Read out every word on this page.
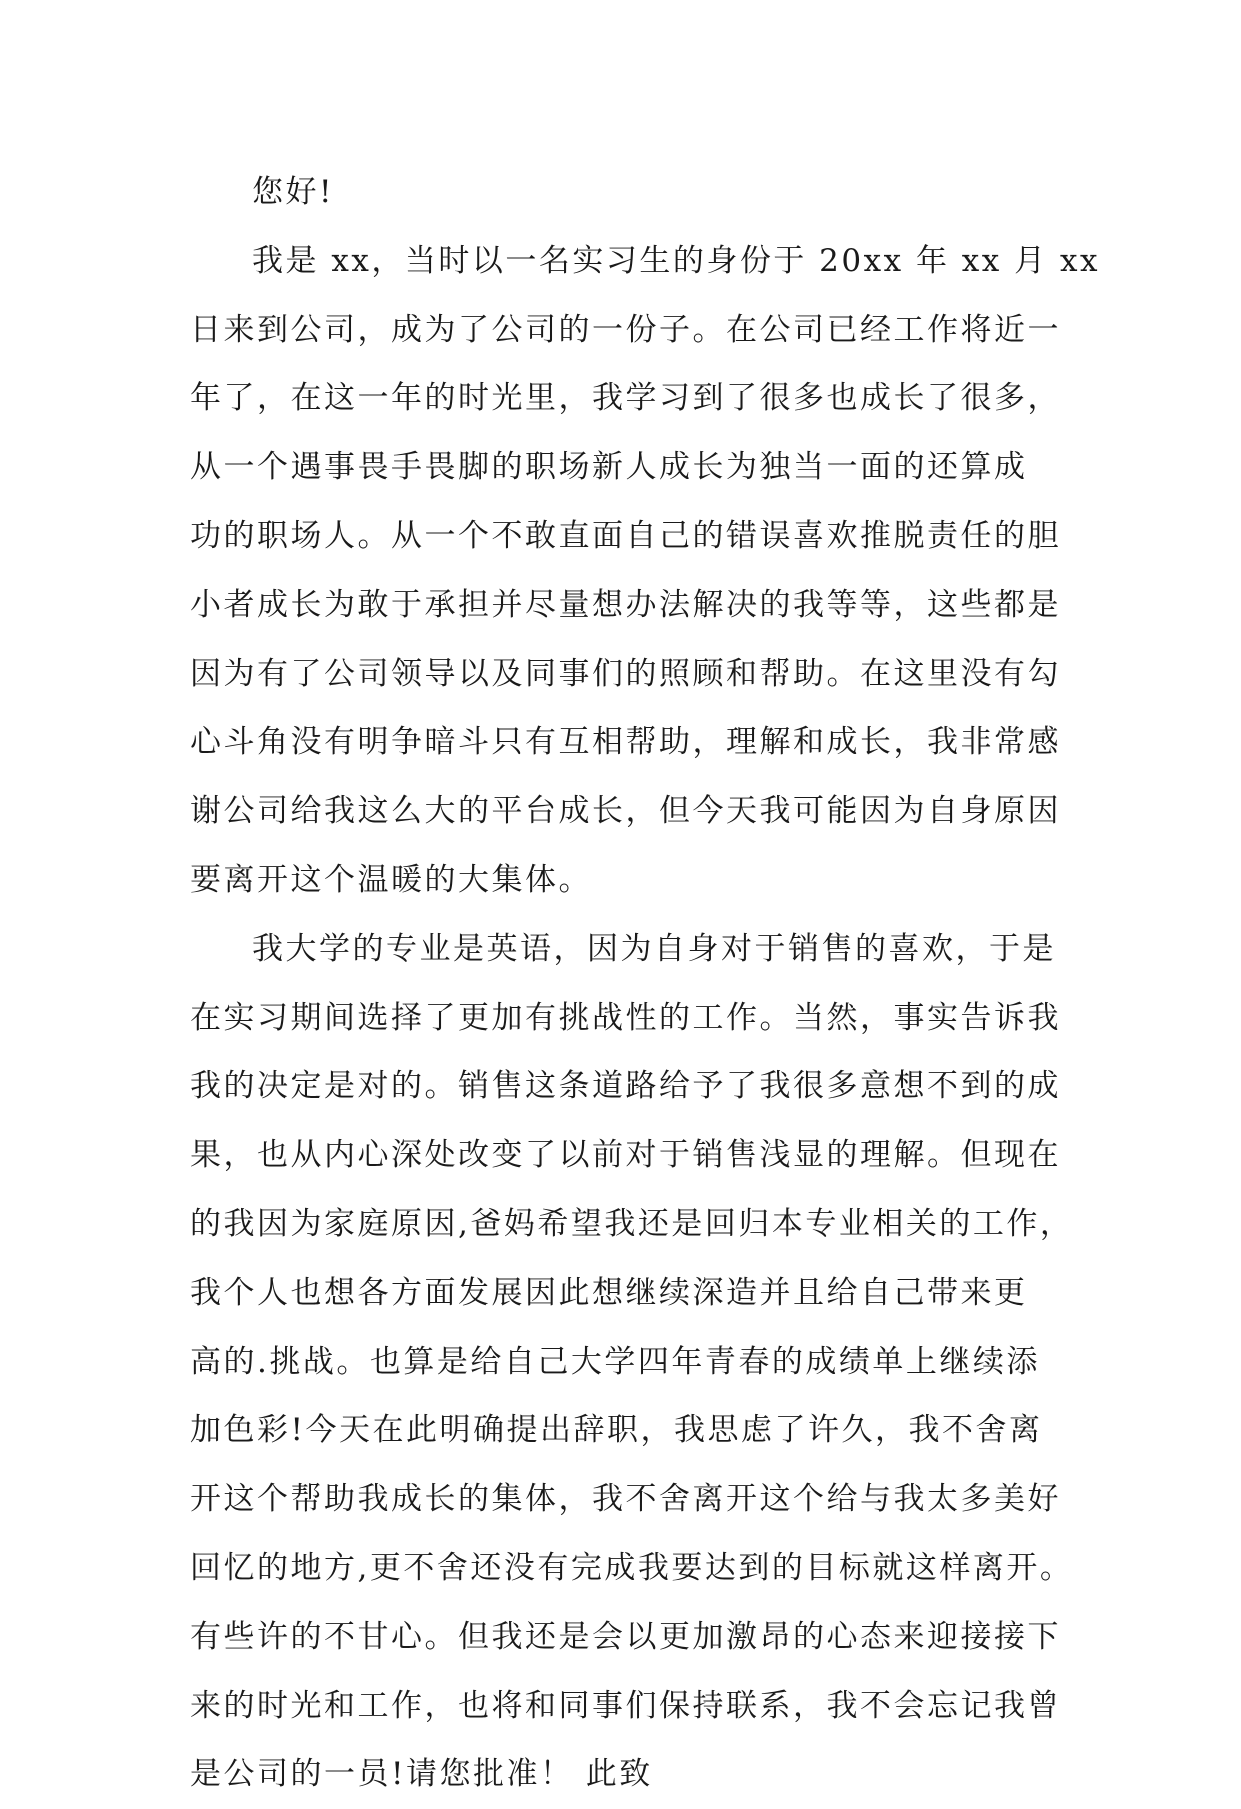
您好!
我是 xx，当时以一名实习生的身份于 20xx 年 xx 月 xx
日来到公司，成为了公司的一份子。在公司已经工作将近一
年了，在这一年的时光里，我学习到了很多也成长了很多，
从一个遇事畏手畏脚的职场新人成长为独当一面的还算成
功的职场人。从一个不敢直面自己的错误喜欢推脱责任的胆
小者成长为敢于承担并尽量想办法解决的我等等，这些都是
因为有了公司领导以及同事们的照顾和帮助。在这里没有勾
心斗角没有明争暗斗只有互相帮助，理解和成长，我非常感
谢公司给我这么大的平台成长，但今天我可能因为自身原因
要离开这个温暖的大集体。
我大学的专业是英语，因为自身对于销售的喜欢，于是
在实习期间选择了更加有挑战性的工作。当然，事实告诉我
我的决定是对的。销售这条道路给予了我很多意想不到的成
果，也从内心深处改变了以前对于销售浅显的理解。但现在
的我因为家庭原因,爸妈希望我还是回归本专业相关的工作，
我个人也想各方面发展因此想继续深造并且给自己带来更
高的.挑战。也算是给自己大学四年青春的成绩单上继续添
加色彩!今天在此明确提出辞职，我思虑了许久，我不舍离
开这个帮助我成长的集体，我不舍离开这个给与我太多美好
回忆的地方,更不舍还没有完成我要达到的目标就这样离开。
有些许的不甘心。但我还是会以更加激昂的心态来迎接接下
来的时光和工作，也将和同事们保持联系，我不会忘记我曾
是公司的一员!请您批准！ 此致
